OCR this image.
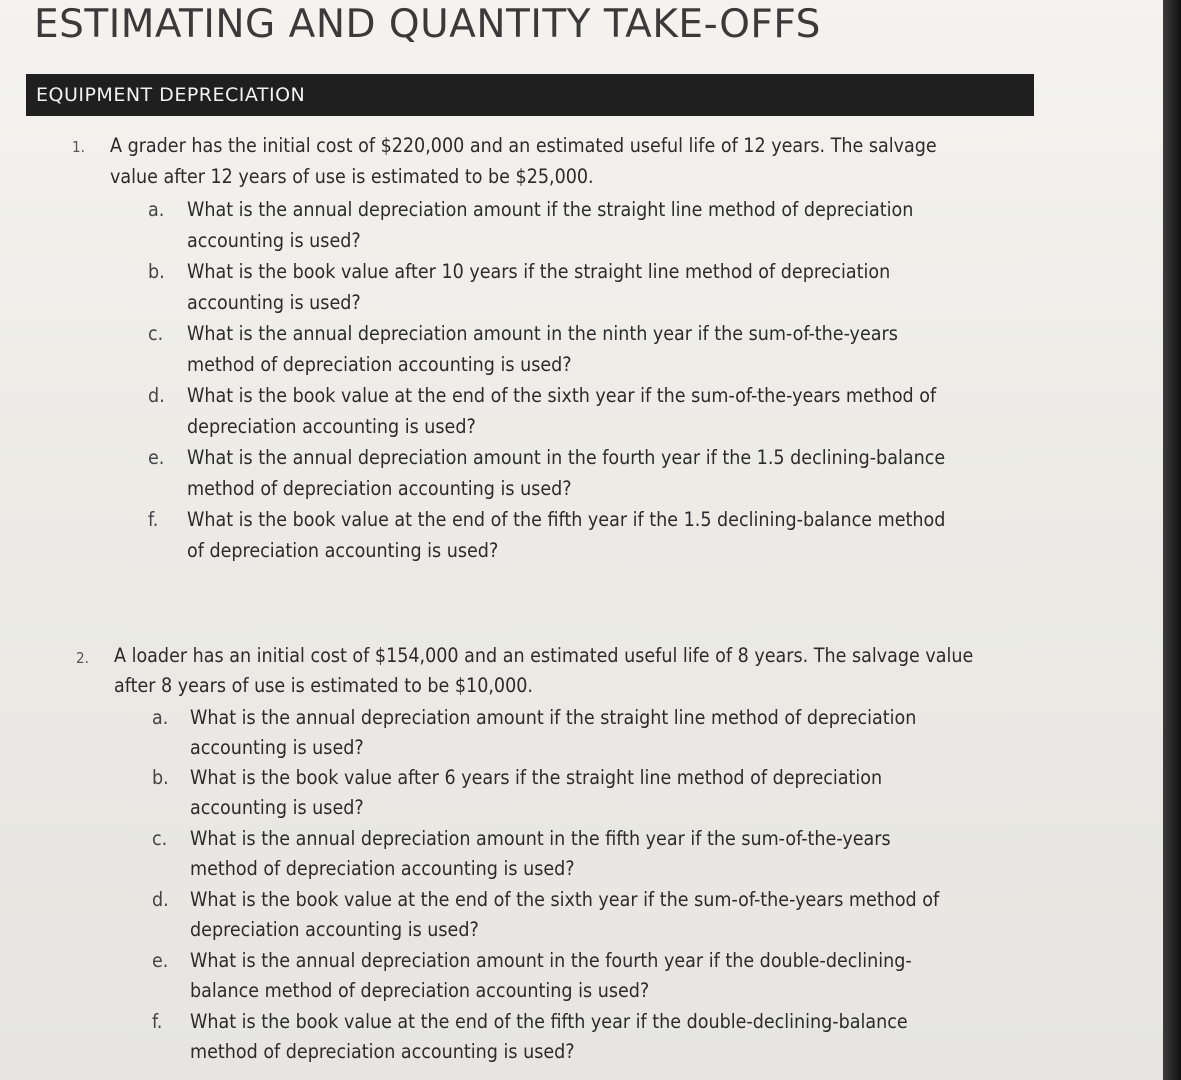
ESTIMATING AND QUANTITY TAKE-OFFS
EQUIPMENT DEPRECIATION
1. A grader has the initial cost of $220,000 and an estimated useful life of 12 years. The salvage
value after 12 years of use is estimated to be $25,000.
a. What is the annual depreciation amount if the straight line method of depreciation
accounting is used?
b. What is the book value after 10 years if the straight line method of depreciation
accounting is used?
c. What is the annual depreciation amount in the ninth year if the sum-of-the-years
method of depreciation accounting is used?
d. What is the book value at the end of the sixth year if the sum-of-the-years method of
depreciation accounting is used?
e. What is the annual depreciation amount in the fourth year if the 1.5 declining-balance
method of depreciation accounting is used?
f. What is the book value at the end of the fifth year if the 1.5 declining-balance method
of depreciation accounting is used?
2. A loader has an initial cost of $154,000 and an estimated useful life of 8 years. The salvage value
after 8 years of use is estimated to be $10,000.
a. What is the annual depreciation amount if the straight line method of depreciation
accounting is used?
b. What is the book value after 6 years if the straight line method of depreciation
accounting is used?
c. What is the annual depreciation amount in the fifth year if the sum-of-the-years
method of depreciation accounting is used?
d. What is the book value at the end of the sixth year if the sum-of-the-years method of
depreciation accounting is used?
e. What is the annual depreciation amount in the fourth year if the double-declining-
balance method of depreciation accounting is used?
f. What is the book value at the end of the fifth year if the double-declining-balance
method of depreciation accounting is used?
